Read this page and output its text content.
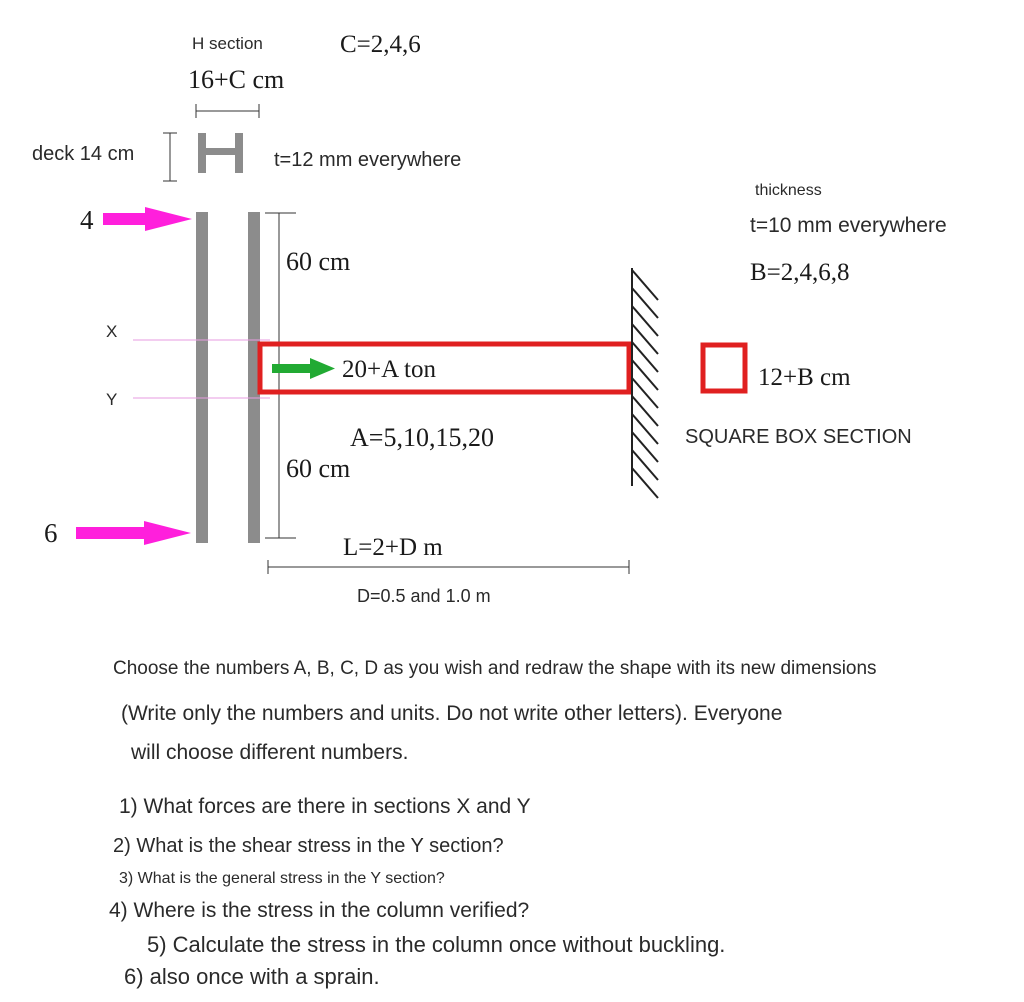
H section	C=2,4,6
16+C cm
deck 14 cm	t=12 mm everywhere
thickness
t=10 mm everywhere
B=2,4,6,8
X
Y
4
6
60 cm
60 cm
20+A ton	12+B cm
SQUARE BOX SECTION
A=5,10,15,20
L=2+D m
D=0.5 and 1.0 m

Choose the numbers A, B, C, D as you wish and redraw the shape with its new dimensions

(Write only the numbers and units. Do not write other letters). Everyone

will choose different numbers.

1) What forces are there in sections X and Y

2) What is the shear stress in the Y section?

3) What is the general stress in the Y section?

4) Where is the stress in the column verified?

5) Calculate the stress in the column once without buckling.

6) also once with a sprain.
